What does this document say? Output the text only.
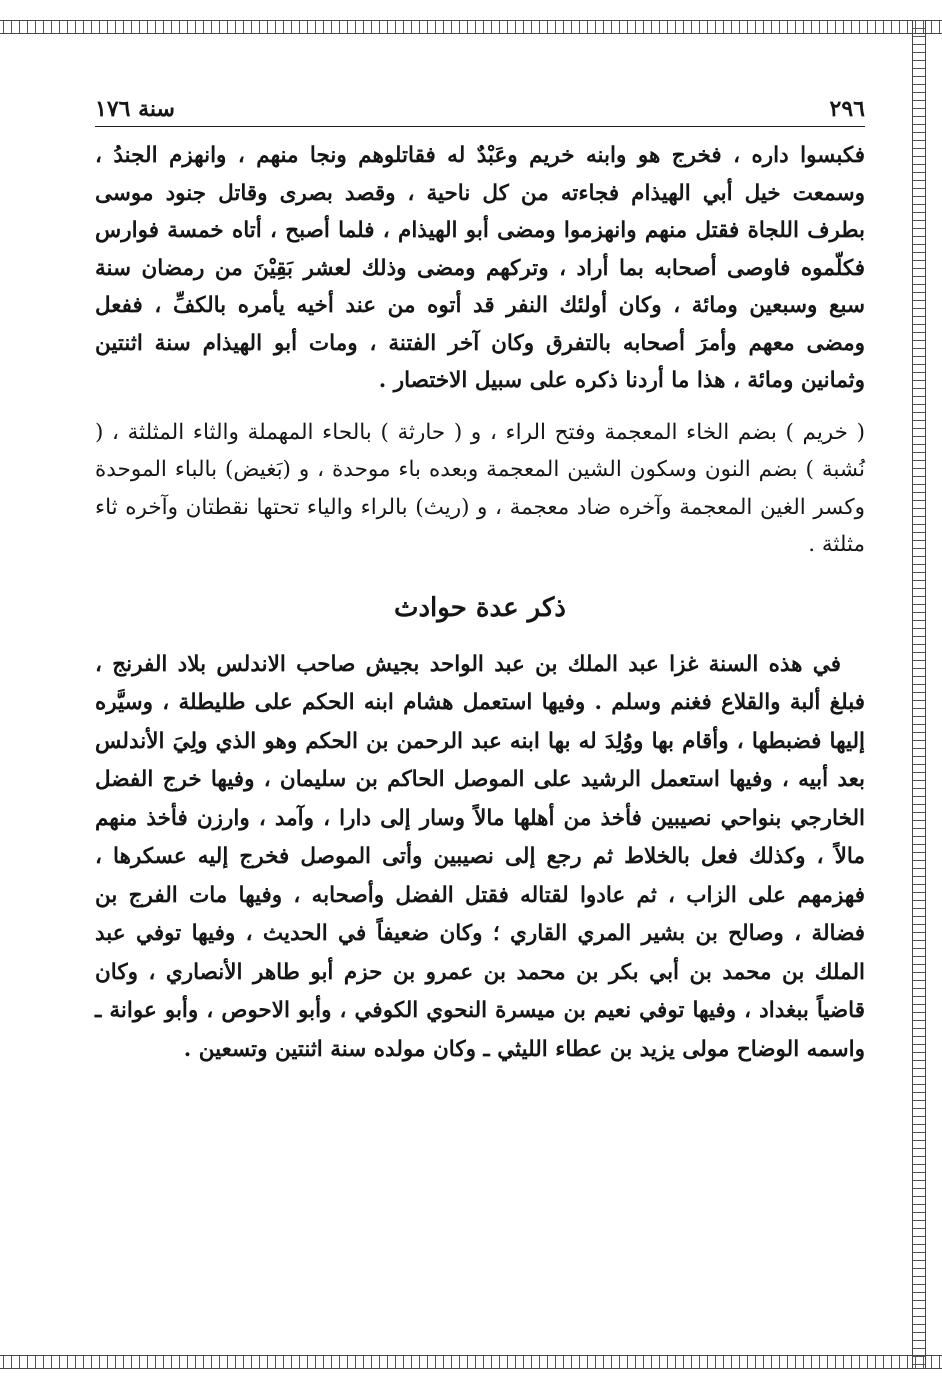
٢٩٦
سنة ١٧٦

فكبسوا داره ، فخرج هو وابنه خريم وعَبْدٌ له فقاتلوهم ونجا منهم ، وانهزم الجندُ ، وسمعت خيل أبي الهيذام فجاءته من كل ناحية ، وقصد بصرى وقاتل جنود موسى بطرف اللجاة فقتل منهم وانهزموا ومضى أبو الهيذام ، فلما أصبح ، أتاه خمسة فوارس فكلّموه فاوصى أصحابه بما أراد ، وتركهم ومضى وذلك لعشر بَقِيْنَ من رمضان سنة سبع وسبعين ومائة ، وكان أولئك النفر قد أتوه من عند أخيه يأمره بالكفِّ ، ففعل ومضى معهم وأمرَ أصحابه بالتفرق وكان آخر الفتنة ، ومات أبو الهيذام سنة اثنتين وثمانين ومائة ، هذا ما أردنا ذكره على سبيل الاختصار .

( خريم ) بضم الخاء المعجمة وفتح الراء ، و ( حارثة ) بالحاء المهملة والثاء المثلثة ، ( نُشبة ) بضم النون وسكون الشين المعجمة وبعده باء موحدة ، و (بَغيض) بالباء الموحدة وكسر الغين المعجمة وآخره ضاد معجمة ، و (ريث) بالراء والياء تحتها نقطتان وآخره ثاء مثلثة .

ذكر عدة حوادث

في هذه السنة غزا عبد الملك بن عبد الواحد بجيش صاحب الاندلس بلاد الفرنج ، فبلغ ألبة والقلاع فغنم وسلم . وفيها استعمل هشام ابنه الحكم على طليطلة ، وسيَّره إليها فضبطها ، وأقام بها ووُلِدَ له بها ابنه عبد الرحمن بن الحكم وهو الذي ولِيَ الأندلس بعد أبيه ، وفيها استعمل الرشيد على الموصل الحاكم بن سليمان ، وفيها خرج الفضل الخارجي بنواحي نصيبين فأخذ من أهلها مالاً وسار إلى دارا ، وآمد ، وارزن فأخذ منهم مالاً ، وكذلك فعل بالخلاط ثم رجع إلى نصيبين وأتى الموصل فخرج إليه عسكرها ، فهزمهم على الزاب ، ثم عادوا لقتاله فقتل الفضل وأصحابه ، وفيها مات الفرج بن فضالة ، وصالح بن بشير المري القاري ؛ وكان ضعيفاً في الحديث ، وفيها توفي عبد الملك بن محمد بن أبي بكر بن محمد بن عمرو بن حزم أبو طاهر الأنصاري ، وكان قاضياً ببغداد ، وفيها توفي نعيم بن ميسرة النحوي الكوفي ، وأبو الاحوص ، وأبو عوانة ـ واسمه الوضاح مولى يزيد بن عطاء الليثي ـ وكان مولده سنة اثنتين وتسعين .
